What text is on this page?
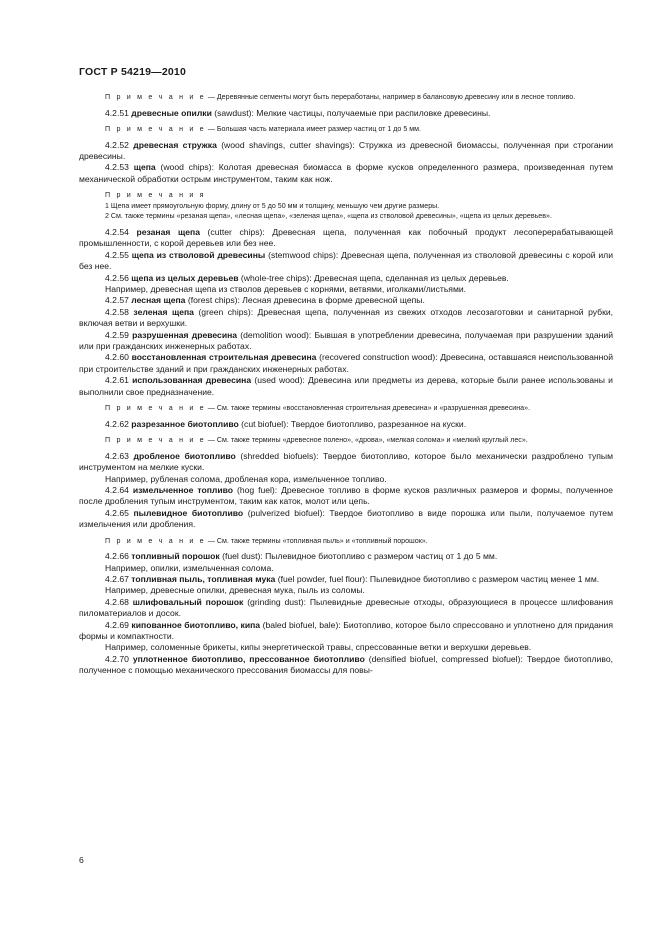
ГОСТ Р 54219—2010

П р и м е ч а н и е — Деревянные сегменты могут быть переработаны, например в балансовую древесину или в лесное топливо.

4.2.51 древесные опилки (sawdust): Мелкие частицы, получаемые при распиловке древесины.

П р и м е ч а н и е — Большая часть материала имеет размер частиц от 1 до 5 мм.

4.2.52 древесная стружка (wood shavings, cutter shavings): Стружка из древесной биомассы, полученная при строгании древесины.

4.2.53 щепа (wood chips): Колотая древесная биомасса в форме кусков определенного размера, произведенная путем механической обработки острым инструментом, таким как нож.

П р и м е ч а н и я

1 Щепа имеет прямоугольную форму, длину от 5 до 50 мм и толщину, меньшую чем другие размеры.

2 См. также термины «резаная щепа», «лесная щепа», «зеленая щепа», «щепа из стволовой древесины», «щепа из целых деревьев».

4.2.54 резаная щепа (cutter chips): Древесная щепа, полученная как побочный продукт лесоперерабатывающей промышленности, с корой деревьев или без нее.

4.2.55 щепа из стволовой древесины (stemwood chips): Древесная щепа, полученная из стволовой древесины с корой или без нее.

4.2.56 щепа из целых деревьев (whole-tree chips): Древесная щепа, сделанная из целых деревьев.

Например, древесная щепа из стволов деревьев с корнями, ветвями, иголками/листьями.

4.2.57 лесная щепа (forest chips): Лесная древесина в форме древесной щепы.

4.2.58 зеленая щепа (green chips): Древесная щепа, полученная из свежих отходов лесозаготовки и санитарной рубки, включая ветви и верхушки.

4.2.59 разрушенная древесина (demolition wood): Бывшая в употреблении древесина, получаемая при разрушении зданий или при гражданских инженерных работах.

4.2.60 восстановленная строительная древесина (recovered construction wood): Древесина, оставшаяся неиспользованной при строительстве зданий и при гражданских инженерных работах.

4.2.61 использованная древесина (used wood): Древесина или предметы из дерева, которые были ранее использованы и выполнили свое предназначение.

П р и м е ч а н и е — См. также термины «восстановленная строительная древесина» и «разрушенная древесина».

4.2.62 разрезанное биотопливо (cut biofuel): Твердое биотопливо, разрезанное на куски.

П р и м е ч а н и е — См. также термины «древесное полено», «дрова», «мелкая солома» и «мелкий круглый лес».

4.2.63 дробленое биотопливо (shredded biofuels): Твердое биотопливо, которое было механически раздроблено тупым инструментом на мелкие куски.

Например, рубленая солома, дробленая кора, измельченное топливо.

4.2.64 измельченное топливо (hog fuel): Древесное топливо в форме кусков различных размеров и формы, полученное после дробления тупым инструментом, таким как каток, молот или цепь.

4.2.65 пылевидное биотопливо (pulverized biofuel): Твердое биотопливо в виде порошка или пыли, получаемое путем измельчения или дробления.

П р и м е ч а н и е — См. также термины «топливная пыль» и «топливный порошок».

4.2.66 топливный порошок (fuel dust): Пылевидное биотопливо с размером частиц от 1 до 5 мм.

Например, опилки, измельченная солома.

4.2.67 топливная пыль, топливная мука (fuel powder, fuel flour): Пылевидное биотопливо с размером частиц менее 1 мм.

Например, древесные опилки, древесная мука, пыль из соломы.

4.2.68 шлифовальный порошок (grinding dust): Пылевидные древесные отходы, образующиеся в процессе шлифования пиломатериалов и досок.

4.2.69 кипованное биотопливо, кипа (baled biofuel, bale): Биотопливо, которое было спрессовано и уплотнено для придания формы и компактности.

Например, соломенные брикеты, кипы энергетической травы, спрессованные ветки и верхушки деревьев.

4.2.70 уплотненное биотопливо, прессованное биотопливо (densified biofuel, compressed biofuel): Твердое биотопливо, полученное с помощью механического прессования биомассы для повы-

6
